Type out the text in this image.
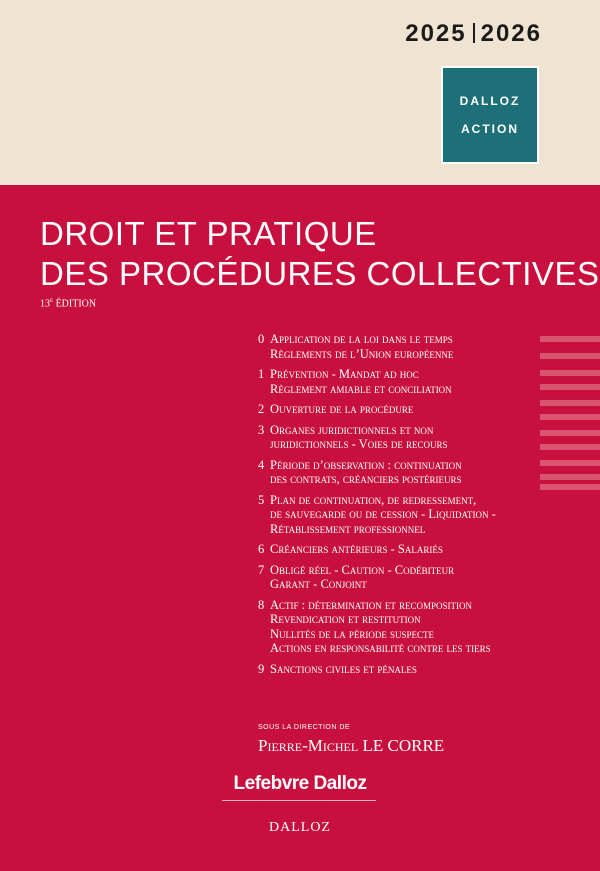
2025 2026
DALLOZ
ACTION
DROIT ET PRATIQUE
DES PROCÉDURES COLLECTIVES
13e ÉDITION
0 Application de la loi dans le temps
Règlements de l’Union européenne
1 Prévention - Mandat ad hoc
Règlement amiable et conciliation
2 Ouverture de la procédure
3 Organes juridictionnels et non
juridictionnels - Voies de recours
4 Période d’observation : continuation
des contrats, créanciers postérieurs
5 Plan de continuation, de redressement,
de sauvegarde ou de cession - Liquidation -
Rétablissement professionnel
6 Créanciers antérieurs - Salariés
7 Obligé réel - Caution - Codébiteur
Garant - Conjoint
8 Actif : détermination et recomposition
Revendication et restitution
Nullités de la période suspecte
Actions en responsabilité contre les tiers
9 Sanctions civiles et pénales
SOUS LA DIRECTION DE
Pierre-Michel LE CORRE
Lefebvre Dalloz
DALLOZ
